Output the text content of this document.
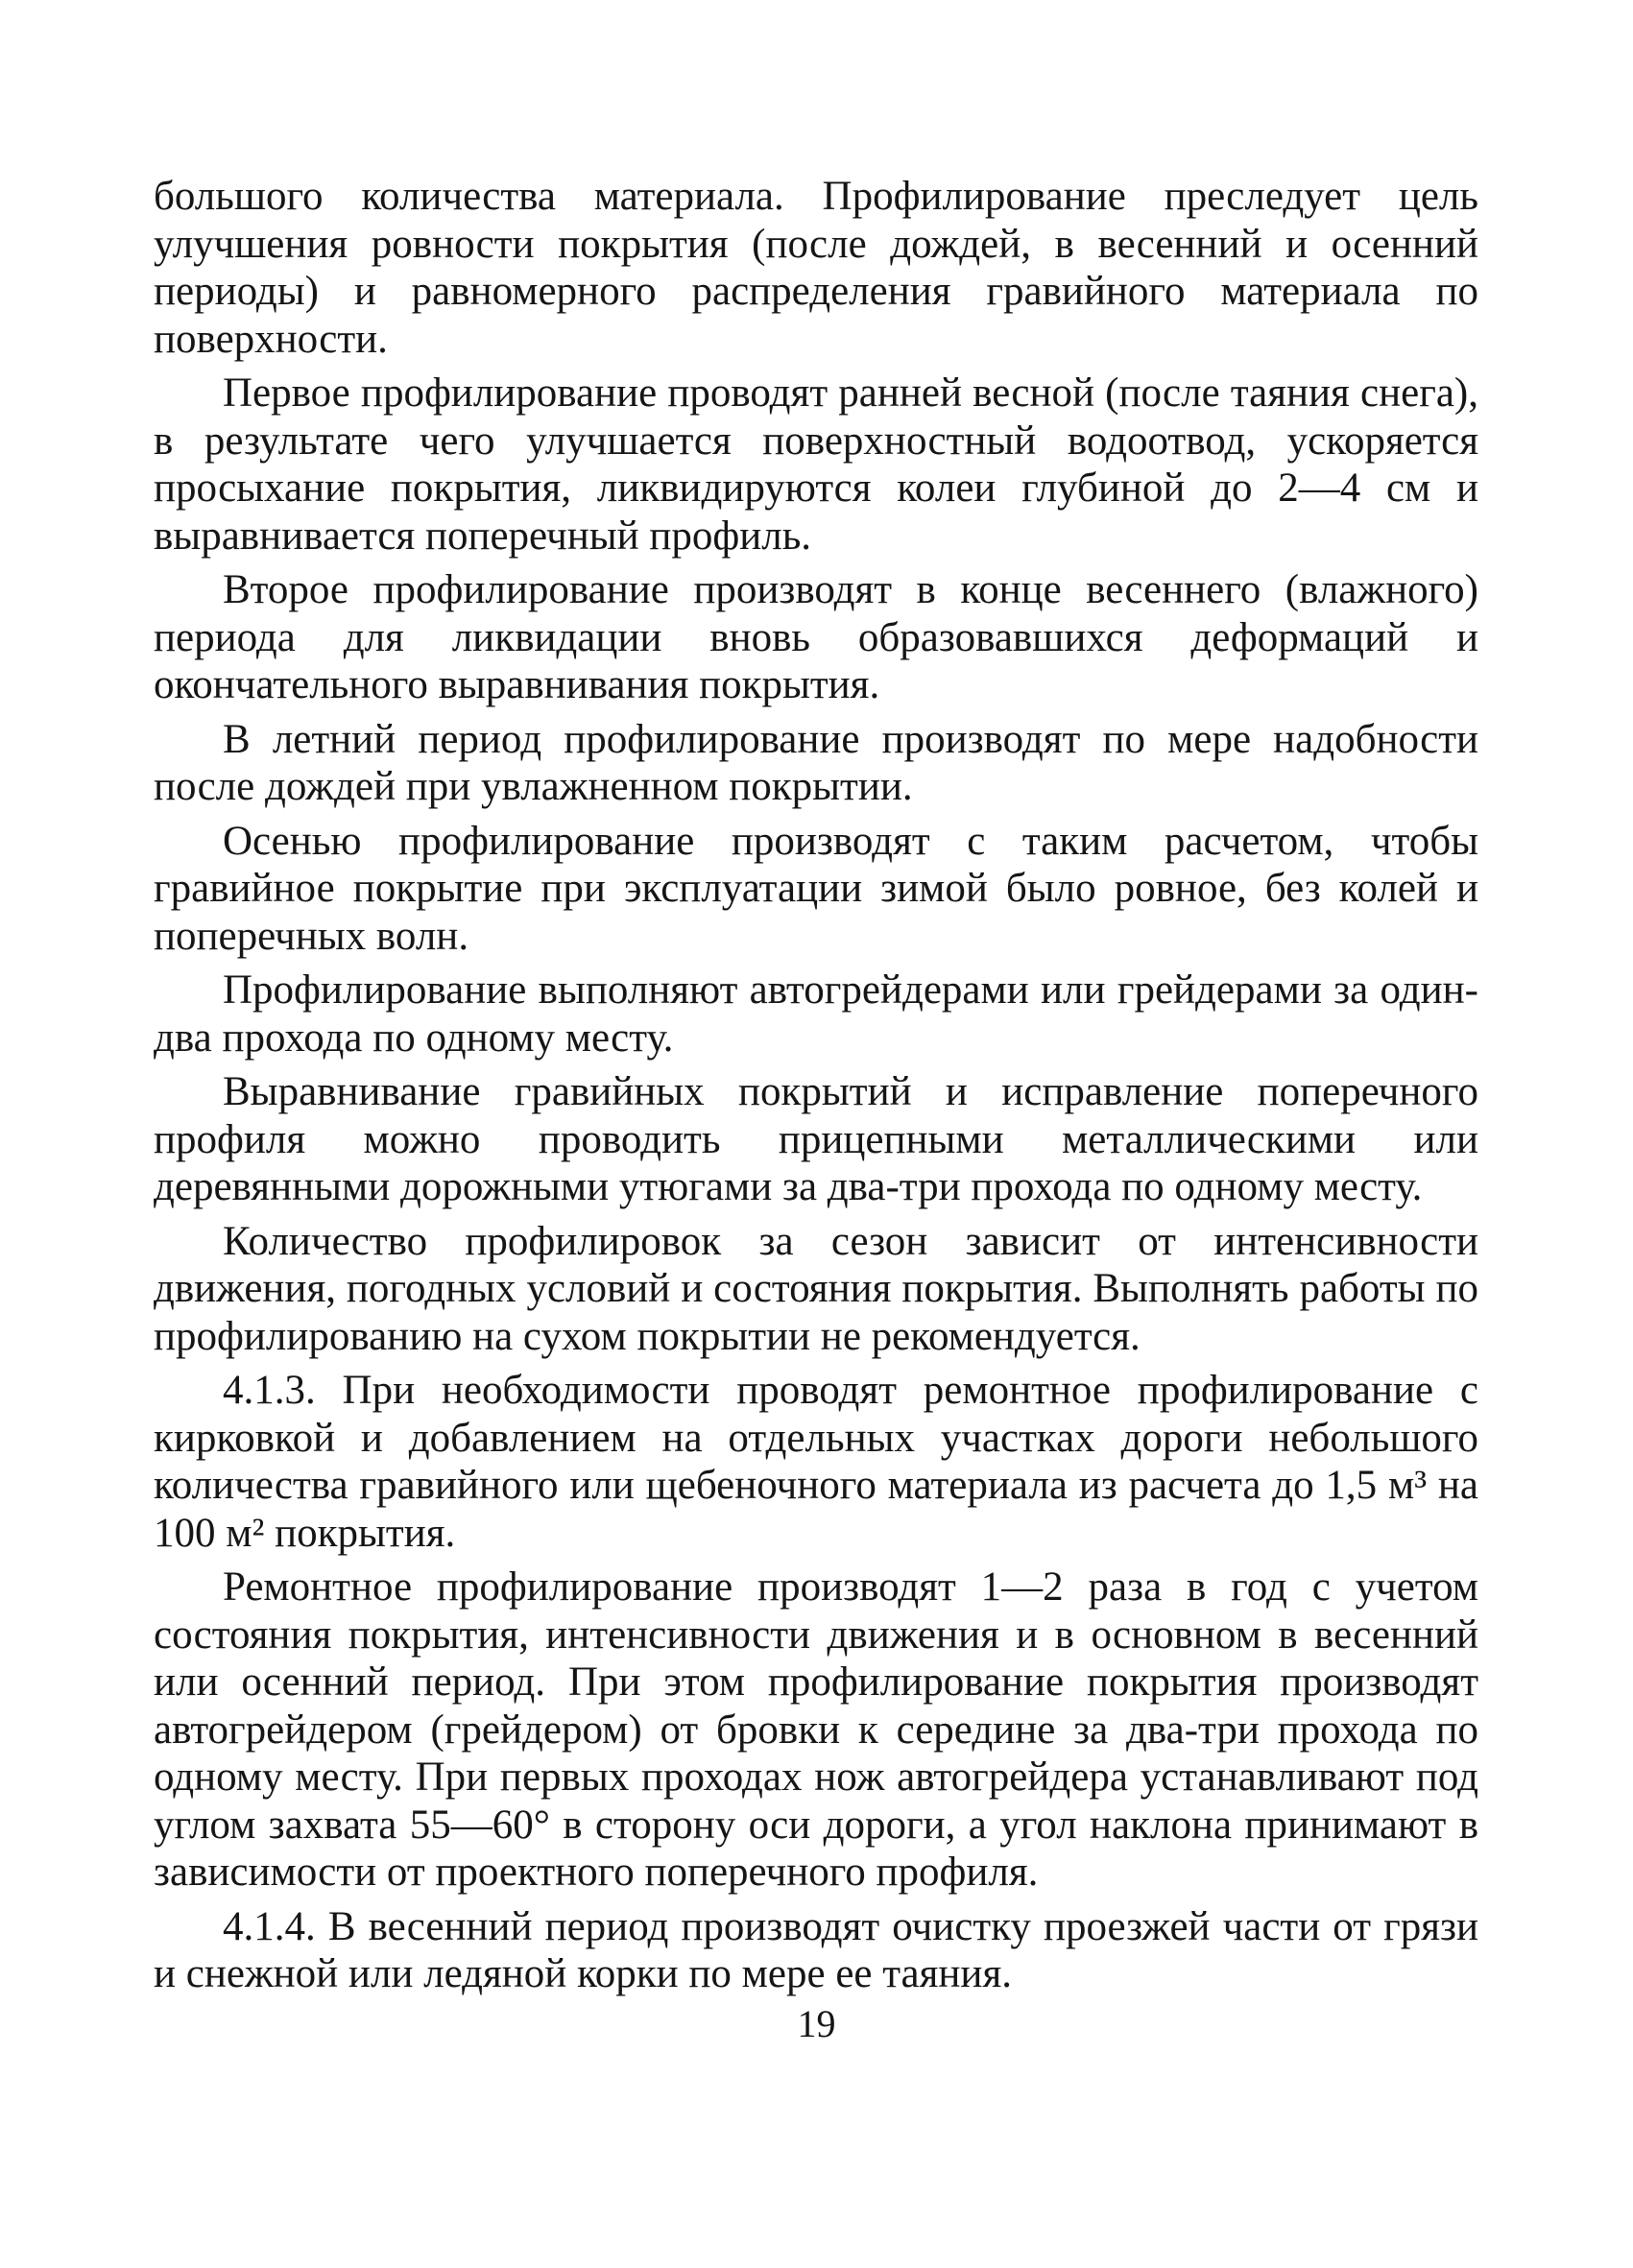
большого количества материала. Профилирование преследует цель улучшения ровности покрытия (после дождей, в весенний и осенний периоды) и равномерного распределения гравийного материала по поверхности.

Первое профилирование проводят ранней весной (после таяния снега), в результате чего улучшается поверхностный водоотвод, ускоряется просыхание покрытия, ликвидируются колеи глубиной до 2—4 см и выравнивается поперечный профиль.

Второе профилирование производят в конце весеннего (влажного) периода для ликвидации вновь образовавшихся деформаций и окончательного выравнивания покрытия.

В летний период профилирование производят по мере надобности после дождей при увлажненном покрытии.

Осенью профилирование производят с таким расчетом, чтобы гравийное покрытие при эксплуатации зимой было ровное, без колей и поперечных волн.

Профилирование выполняют автогрейдерами или грейдерами за один-два прохода по одному месту.

Выравнивание гравийных покрытий и исправление поперечного профиля можно проводить прицепными металлическими или деревянными дорожными утюгами за два-три прохода по одному месту.

Количество профилировок за сезон зависит от интенсивности движения, погодных условий и состояния покрытия. Выполнять работы по профилированию на сухом покрытии не рекомендуется.

4.1.3. При необходимости проводят ремонтное профилирование с кирковкой и добавлением на отдельных участках дороги небольшого количества гравийного или щебеночного материала из расчета до 1,5 м³ на 100 м² покрытия.

Ремонтное профилирование производят 1—2 раза в год с учетом состояния покрытия, интенсивности движения и в основном в весенний или осенний период. При этом профилирование покрытия производят автогрейдером (грейдером) от бровки к середине за два-три прохода по одному месту. При первых проходах нож автогрейдера устанавливают под углом захвата 55—60° в сторону оси дороги, а угол наклона принимают в зависимости от проектного поперечного профиля.

4.1.4. В весенний период производят очистку проезжей части от грязи и снежной или ледяной корки по мере ее таяния.

19
